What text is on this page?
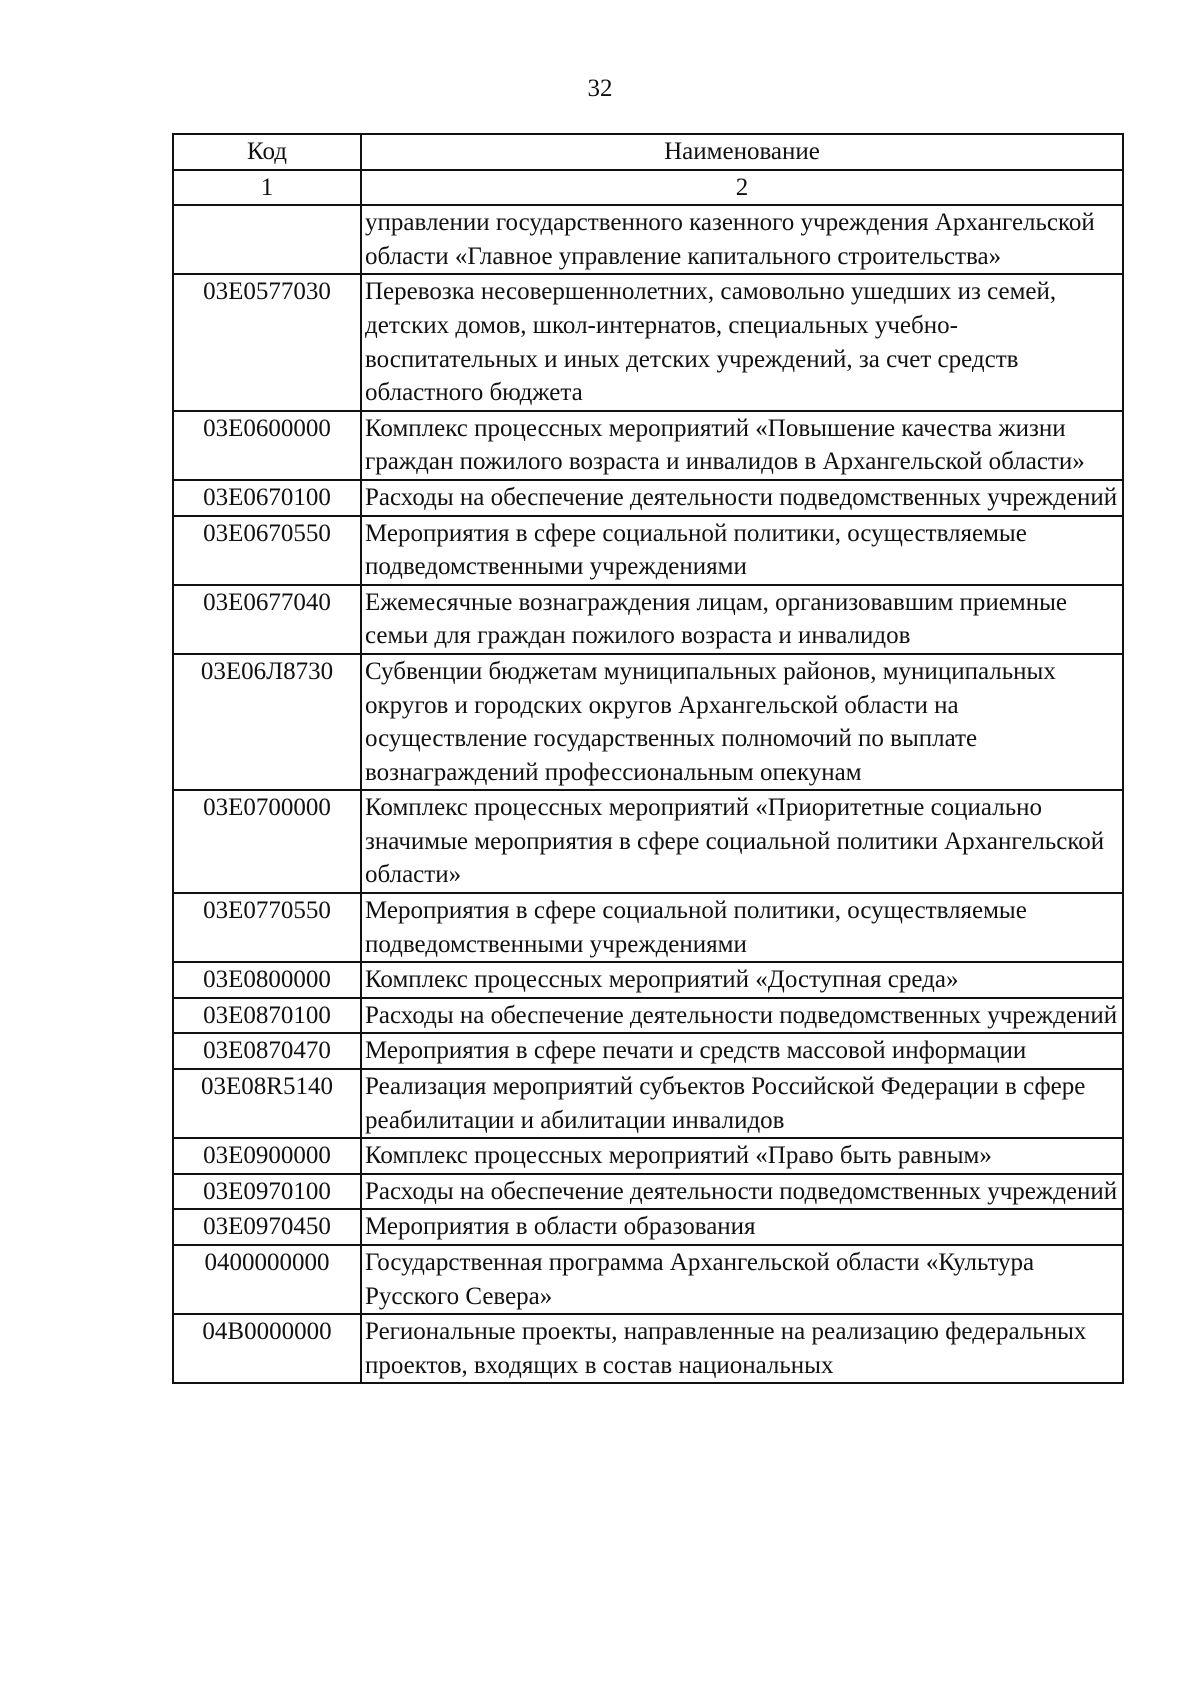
32
Код	Наименование
1	2
	управлении государственного казенного учреждения Архангельской области «Главное управление капитального строительства»
03Е0577030	Перевозка несовершеннолетних, самовольно ушедших из семей, детских домов, школ-интернатов, специальных учебно-воспитательных и иных детских учреждений, за счет средств областного бюджета
03Е0600000	Комплекс процессных мероприятий «Повышение качества жизни граждан пожилого возраста и инвалидов в Архангельской области»
03Е0670100	Расходы на обеспечение деятельности подведомственных учреждений
03Е0670550	Мероприятия в сфере социальной политики, осуществляемые подведомственными учреждениями
03Е0677040	Ежемесячные вознаграждения лицам, организовавшим приемные семьи для граждан пожилого возраста и инвалидов
03Е06Л8730	Субвенции бюджетам муниципальных районов, муниципальных округов и городских округов Архангельской области на осуществление государственных полномочий по выплате вознаграждений профессиональным опекунам
03Е0700000	Комплекс процессных мероприятий «Приоритетные социально значимые мероприятия в сфере социальной политики Архангельской области»
03Е0770550	Мероприятия в сфере социальной политики, осуществляемые подведомственными учреждениями
03Е0800000	Комплекс процессных мероприятий «Доступная среда»
03Е0870100	Расходы на обеспечение деятельности подведомственных учреждений
03Е0870470	Мероприятия в сфере печати и средств массовой информации
03Е08R5140	Реализация мероприятий субъектов Российской Федерации в сфере реабилитации и абилитации инвалидов
03Е0900000	Комплекс процессных мероприятий «Право быть равным»
03Е0970100	Расходы на обеспечение деятельности подведомственных учреждений
03Е0970450	Мероприятия в области образования
0400000000	Государственная программа Архангельской области «Культура Русского Севера»
04В0000000	Региональные проекты, направленные на реализацию федеральных проектов, входящих в состав национальных
